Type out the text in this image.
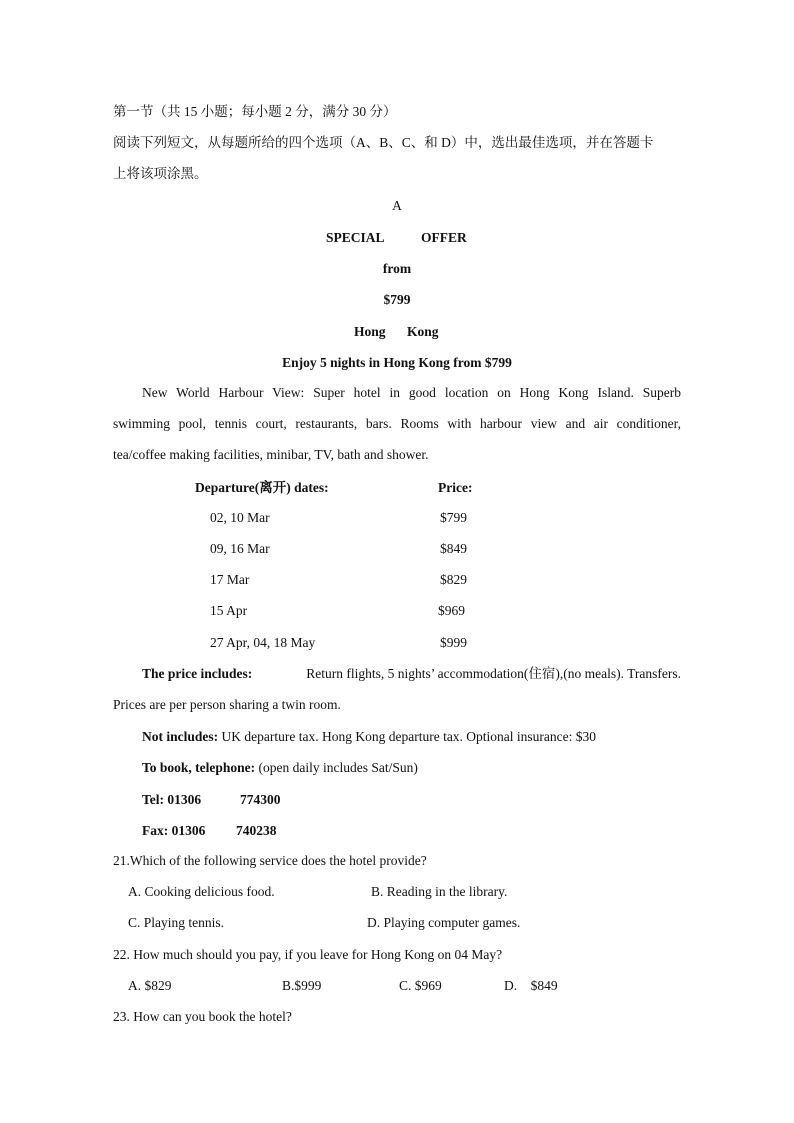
第一节（共 15 小题；每小题 2 分，满分 30 分）
阅读下列短文，从每题所给的四个选项（A、B、C、和 D）中，选出最佳选项，并在答题卡
上将该项涂黑。
A
SPECIAL	OFFER
from
$799
Hong Kong
Enjoy 5 nights in Hong Kong from $799
New World Harbour View: Super hotel in good location on Hong Kong Island. Superb
swimming pool, tennis court, restaurants, bars. Rooms with harbour view and air conditioner,
tea/coffee making facilities, minibar, TV, bath and shower.
Departure(离开) dates:	Price:
02, 10 Mar	$799
09, 16 Mar	$849
17 Mar	$829
15 Apr	$969
27 Apr, 04, 18 May	$999
The price includes:	Return flights, 5 nights’ accommodation(住宿),(no meals). Transfers.
Prices are per person sharing a twin room.
Not includes: UK departure tax. Hong Kong departure tax. Optional insurance: $30
To book, telephone: (open daily includes Sat/Sun)
Tel: 01306	774300
Fax: 01306 740238
21.Which of the following service does the hotel provide?
A. Cooking delicious food.	B. Reading in the library.
C. Playing tennis.	D. Playing computer games.
22. How much should you pay, if you leave for Hong Kong on 04 May?
A. $829	B.$999	C. $969	D.    $849
23. How can you book the hotel?
